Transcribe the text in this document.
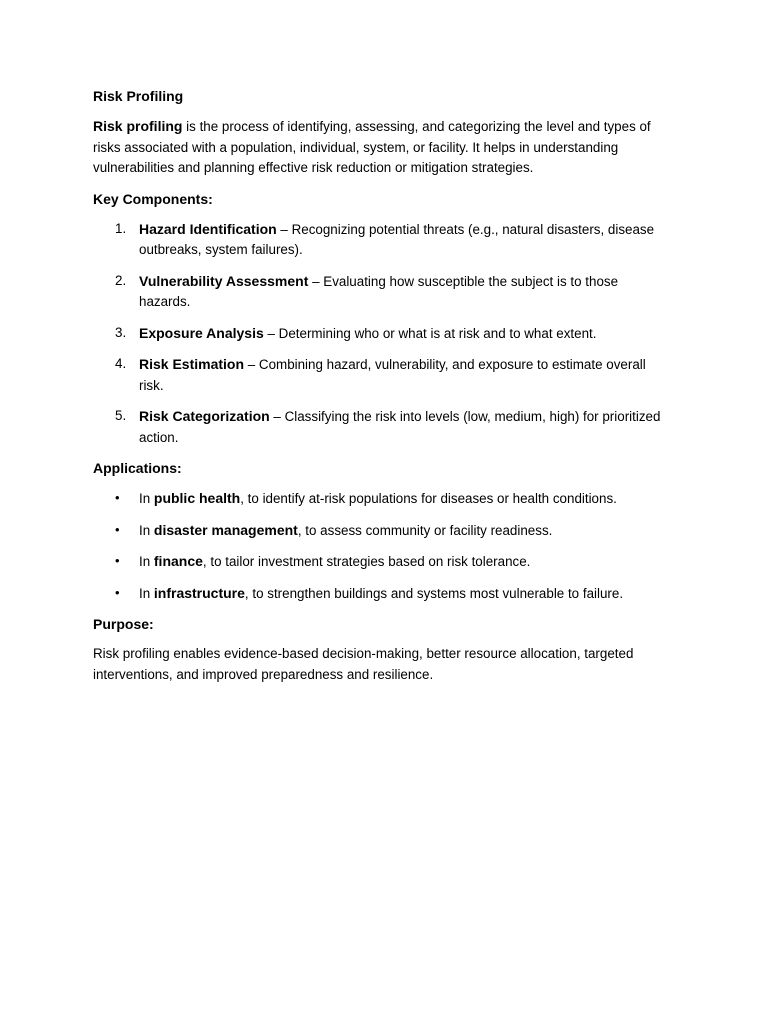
Risk Profiling

Risk profiling is the process of identifying, assessing, and categorizing the level and types of risks associated with a population, individual, system, or facility. It helps in understanding vulnerabilities and planning effective risk reduction or mitigation strategies.

Key Components:
1. Hazard Identification – Recognizing potential threats (e.g., natural disasters, disease outbreaks, system failures).
2. Vulnerability Assessment – Evaluating how susceptible the subject is to those hazards.
3. Exposure Analysis – Determining who or what is at risk and to what extent.
4. Risk Estimation – Combining hazard, vulnerability, and exposure to estimate overall risk.
5. Risk Categorization – Classifying the risk into levels (low, medium, high) for prioritized action.
Applications:
• In public health, to identify at-risk populations for diseases or health conditions.
• In disaster management, to assess community or facility readiness.
• In finance, to tailor investment strategies based on risk tolerance.
• In infrastructure, to strengthen buildings and systems most vulnerable to failure.
Purpose:

Risk profiling enables evidence-based decision-making, better resource allocation, targeted interventions, and improved preparedness and resilience.
